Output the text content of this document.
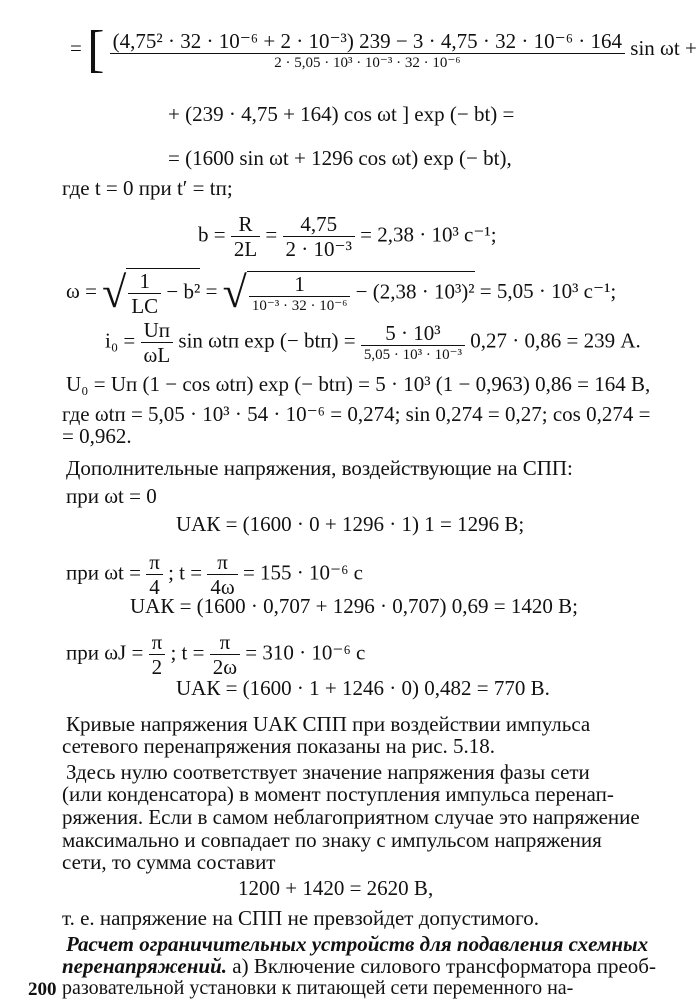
= [ (4,75² · 32 · 10⁻⁶ + 2 · 10⁻³) 239 − 3 · 4,75 · 32 · 10⁻⁶ · 164
2 · 5,05 · 10³ · 10⁻³ · 32 · 10⁻⁶
sin ωt +
+ (239 · 4,75 + 164) cos ωt ] exp (− bt) =
= (1600 sin ωt + 1296 cos ωt) exp (− bt),
где t = 0 при t′ = tп;
$b = \frac{R}{2L} = \frac{4,75}{\text{2 · 10⁻³}} = 2,38 \cdot 10^3$ с⁻¹;
ω = √ $\frac{1}{LC} - b^2$ = √ $\frac{1}{\text{10⁻³ · 32 · 10⁻⁶}} - (2,38 \cdot 10^3)^2 = 5,05 \cdot 10^3$ с⁻¹;
$i_0 = \frac{Uп}{\omega L}$ sin ωtп exp (− $btп) = \frac{\text{5 · 10³}}{\text{5,05 · 10³ · 10⁻³}} 0,27 \cdot 0,86 = 239$ А.
U₀ = Uп (1 − cos ωtп) exp (− btп) = 5 · 10³ (1 − 0,963) 0,86 = 164 В,
где ωtп = 5,05 · 10³ · 54 · 10⁻⁶ = 0,274; sin 0,274 = 0,27; cos 0,274 =
= 0,962.
Дополнительные напряжения, воздействующие на СПП:
при ωt = 0
UАК = (1600 · 0 + 1296 · 1) 1 = 1296 В;
при $\omega t = \frac{\pi}{4}$ ; $t = \frac{\pi}{4\omega} = 155 \cdot 10^{-6}$ с
UАК = (1600 · 0,707 + 1296 · 0,707) 0,69 = 1420 В;
при $\omega J = \frac{\pi}{2}$ ; $t = \frac{\pi}{2\omega} = 310 \cdot 10^{-6}$ с
UАК = (1600 · 1 + 1246 · 0) 0,482 = 770 В.
Кривые напряжения UАК СПП при воздействии импульса
сетевого перенапряжения показаны на рис. 5.18.
Здесь нулю соответствует значение напряжения фазы сети
(или конденсатора) в момент поступления импульса перенап-
ряжения. Если в самом неблагоприятном случае это напряжение
максимально и совпадает по знаку с импульсом напряжения
сети, то сумма составит
1200 + 1420 = 2620 В,
т. е. напряжение на СПП не превзойдет допустимого.
Расчет ограничительных устройств для подавления схемных
перенапряжений. а) Включение силового трансформатора преоб-
разовательной установки к питающей сети переменного на-
200
